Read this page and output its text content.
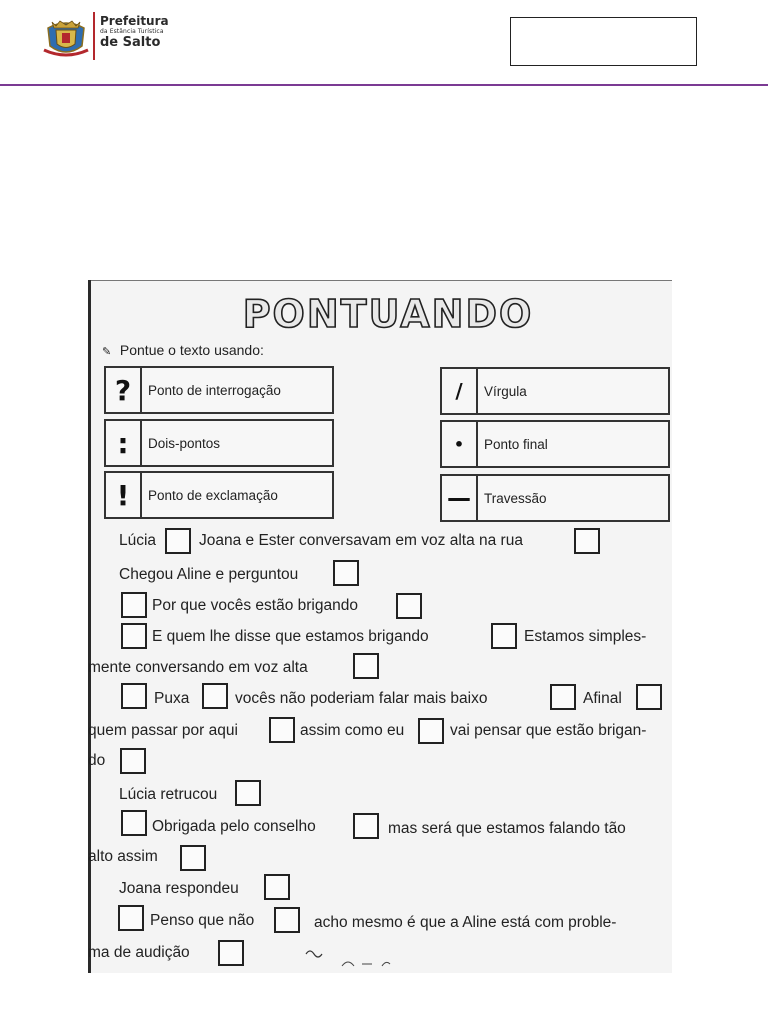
Prefeitura
da Estância Turística
de Salto
PONTUANDO
✎ Pontue o texto usando:
?	Ponto de interrogação
:	Dois-pontos
!	Ponto de exclamação
/	Vírgula
•	Ponto final
— Travessão
Lúcia	Joana e Ester conversavam em voz alta na rua
Chegou Aline e perguntou
Por que vocês estão brigando
E quem lhe disse que estamos brigando	Estamos simples-
mente conversando em voz alta
Puxa	vocês não poderiam falar mais baixo	Afinal
quem passar por aqui	assim como eu	vai pensar que estão brigan-
do
Lúcia retrucou
Obrigada pelo conselho	mas será que estamos falando tão
alto assim
Joana respondeu
Penso que não	acho mesmo é que a Aline está com proble-
ma de audição
